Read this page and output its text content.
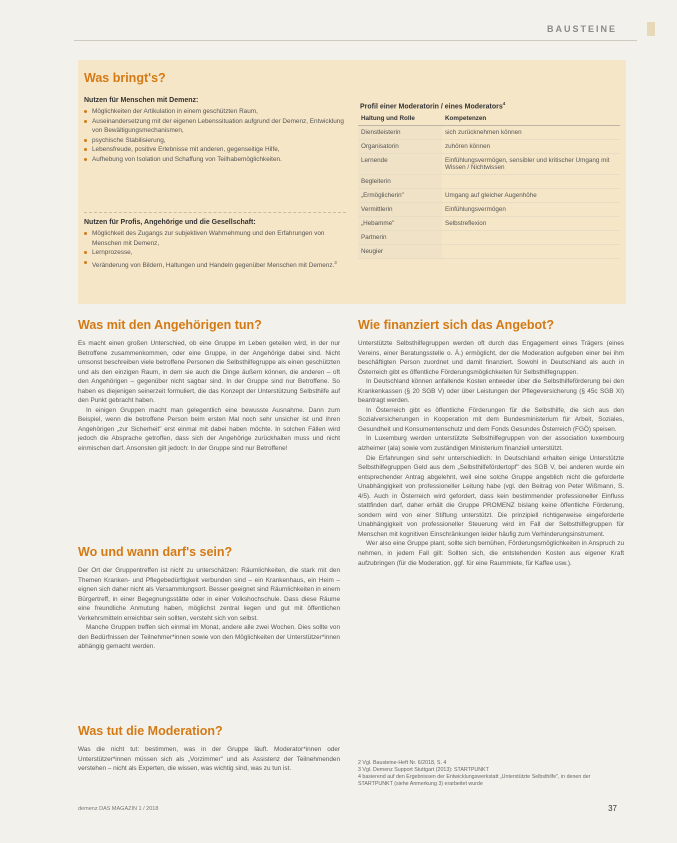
BAUSTEINE
Was bringt's?
Nutzen für Menschen mit Demenz:
Möglichkeiten der Artikulation in einem geschützten Raum,
Auseinandersetzung mit der eigenen Lebenssituation aufgrund der Demenz, Entwicklung von Bewältigungsmechanismen,
psychische Stabilisierung,
Lebensfreude, positive Erlebnisse mit anderen, gegenseitige Hilfe,
Aufhebung von Isolation und Schaffung von Teilhabemöglichkeiten.
Nutzen für Profis, Angehörige und die Gesellschaft:
Möglichkeit des Zugangs zur subjektiven Wahrnehmung und den Erfahrungen von Menschen mit Demenz,
Lernprozesse,
Veränderung von Bildern, Haltungen und Handeln gegenüber Menschen mit Demenz.$^3$
Profil einer Moderatorin / eines Moderators$^4$
Haltung und Rolle	Kompetenzen
Dienstleisterin	sich zurücknehmen können
Organisatorin	zuhören können
Lernende	Einfühlungsvermögen, sensibler und kritischer Umgang mit Wissen / Nichtwissen
Begleiterin	
„Ermöglicherin"	Umgang auf gleicher Augenhöhe
Vermittlerin	Einfühlungsvermögen
„Hebamme"	Selbstreflexion
Partnerin	
Neugier	
Was mit den Angehörigen tun?

Es macht einen großen Unterschied, ob eine Gruppe im Leben geteilen wird, in der nur Betroffene zusammenkommen, oder eine Gruppe, in der Angehörige dabei sind. Nicht umsonst beschreiben viele betroffene Personen die Selbsthilfegruppe als einen geschützten und als den einzigen Raum, in dem sie auch die Dinge äußern können, die anderen – oft den Angehörigen – gegenüber nicht sagbar sind. In der Gruppe sind nur Betroffene. So haben es diejenigen seinerzeit formuliert, die das Konzept der Unterstützung Selbsthilfe auf den Punkt gebracht haben.

In einigen Gruppen macht man gelegentlich eine bewusste Ausnahme. Dann zum Beispiel, wenn die betroffene Person beim ersten Mal noch sehr unsicher ist und ihren Angehörigen „zur Sicherheit" erst einmal mit dabei haben möchte. In solchen Fällen wird jedoch die Absprache getroffen, dass sich der Angehörige zurückhalten muss und nicht einmischen darf. Ansonsten gilt jedoch: In der Gruppe sind nur Betroffene!

Wo und wann darf's sein?

Der Ort der Gruppentreffen ist nicht zu unterschätzen: Räumlichkeiten, die stark mit den Themen Kranken- und Pflegebedürftigkeit verbunden sind – ein Krankenhaus, ein Heim – eignen sich daher nicht als Versammlungsort. Besser geeignet sind Räumlichkeiten in einem Bürgertreff, in einer Begegnungsstätte oder in einer Volkshochschule. Dass diese Räume eine freundliche Anmutung haben, möglichst zentral liegen und gut mit öffentlichen Verkehrsmitteln erreichbar sein sollten, versteht sich von selbst.

Manche Gruppen treffen sich einmal im Monat, andere alle zwei Wochen. Dies sollte von den Bedürfnissen der Teilnehmer*innen sowie von den Möglichkeiten der Unterstützer*innen abhängig gemacht werden.

Was tut die Moderation?

Was die nicht tut: bestimmen, was in der Gruppe läuft. Moderator*innen oder Unterstützer*innen müssen sich als „Vorzimmer" und als Assistenz der Teilnehmenden verstehen – nicht als Experten, die wissen, was wichtig sind, was zu tun ist.

Wie finanziert sich das Angebot?

Unterstützte Selbsthilfegruppen werden oft durch das Engagement eines Trägers (eines Vereins, einer Beratungsstelle o. Ä.) ermöglicht, der die Moderation aufgeben einer bei ihm beschäftigten Person zuordnet und damit finanziert. Sowohl in Deutschland als auch in Österreich gibt es öffentliche Förderungsmöglichkeiten für Selbsthilfegruppen.

In Deutschland können anfallende Kosten entweder über die Selbsthilfeförderung bei den Krankenkassen (§ 20 SGB V) oder über Leistungen der Pflegeversicherung (§ 45c SGB XI) beantragt werden.

In Österreich gibt es öffentliche Förderungen für die Selbsthilfe, die sich aus den Sozialversicherungen in Kooperation mit dem Bundesministerium für Arbeit, Soziales, Gesundheit und Konsumentenschutz und dem Fonds Gesundes Österreich (FGÖ) speisen.

In Luxemburg werden unterstützte Selbsthilfegruppen von der association luxembourg alzheimer (ala) sowie vom zuständigen Ministerium finanziell unterstützt.

Die Erfahrungen sind sehr unterschiedlich: In Deutschland erhalten einige Unterstützte Selbsthilfegruppen Geld aus dem „Selbsthilfefördertopf" des SGB V, bei anderen wurde ein entsprechender Antrag abgelehnt, weil eine solche Gruppe angeblich nicht die geforderte Unabhängigkeit von professioneller Leitung habe (vgl. den Beitrag von Peter Wißmann, S. 4/5). Auch in Österreich wird gefordert, dass kein bestimmender professioneller Einfluss stattfinden darf, daher erhält die Gruppe PROMENZ bislang keine öffentliche Förderung, sondern wird von einer Stiftung unterstützt. Die prinzipiell richtigerweise eingeforderte Unabhängigkeit von professioneller Steuerung wird im Fall der Selbsthilfegruppen für Menschen mit kognitiven Einschränkungen leider häufig zum Verhinderungsinstrument.

Wer also eine Gruppe plant, sollte sich bemühen, Förderungsmöglichkeiten in Anspruch zu nehmen, in jedem Fall gilt: Sollten sich, die entstehenden Kosten aus eigener Kraft aufzubringen (für die Moderation, ggf. für eine Raummiete, für Kaffee usw.).

2 Vgl. Bausteine-Heft Nr. 6/2018, S. 4
3 Vgl. Demenz Support Stuttgart (2013): STARTPUNKT
4 basierend auf den Ergebnissen der Entwicklungswerkstatt „Unterstützte Selbsthilfe", in denen der STARTPUNKT (siehe Anmerkung 3) erarbeitet wurde
demenz DAS MAGAZIN 1 / 2018	37
